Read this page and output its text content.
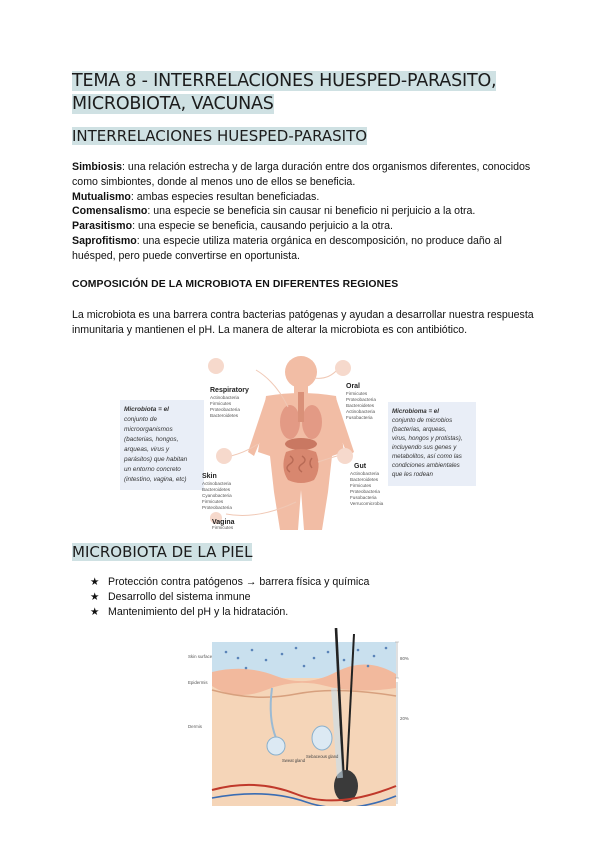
TEMA 8 - INTERRELACIONES HUESPED-PARASITO,
MICROBIOTA, VACUNAS
INTERRELACIONES HUESPED-PARASITO

Simbiosis: una relación estrecha y de larga duración entre dos organismos diferentes, conocidos como simbiontes, donde al menos uno de ellos se beneficia.

Mutualismo: ambas especies resultan beneficiadas.

Comensalismo: una especie se beneficia sin causar ni beneficio ni perjuicio a la otra.

Parasitismo: una especie se beneficia, causando perjuicio a la otra.

Saprofitismo: una especie utiliza materia orgánica en descomposición, no produce daño al huésped, pero puede convertirse en oportunista.

COMPOSICIÓN DE LA MICROBIOTA EN DIFERENTES REGIONES

La microbiota es una barrera contra bacterias patógenas y ayudan a desarrollar nuestra respuesta inmunitaria y mantienen el pH. La manera de alterar la microbiota es con antibiótico.

Microbiota = el
conjunto de
microorganismos
(bacterias, hongos,
arqueas, virus y
parásitos) que habitan
un entorno concreto
(intestino, vagina, etc)
Microbioma = el
conjunto de microbios
(bacterias, arqueas,
virus, hongos y protistas),
incluyendo sus genes y
metabolitos, así como las
condiciones ambientales
que les rodean
Respiratory
Actinobacteria
Firmicutes
Proteobacteria
Bacteroidetes
Skin
Actinobacteria
Bacteroidetes
Cyanobacteria
Firmicutes
Proteobacteria
Vagina
Firmicutes
Oral
Firmicutes
Proteobacteria
Bacteroidetes
Actinobacteria
Fusobacteria
Gut
Actinobacteria
Bacteroidetes
Firmicutes
Proteobacteria
Fusobacteria
Verrucomicrobia
MICROBIOTA DE LA PIEL
★ Protección contra patógenos → barrera física y química
★ Desarrollo del sistema inmune
★ Mantenimiento del pH y la hidratación.
Sebaceous gland
Sweat gland
Skin surface
Epidermis
Dermis
80%
20%
